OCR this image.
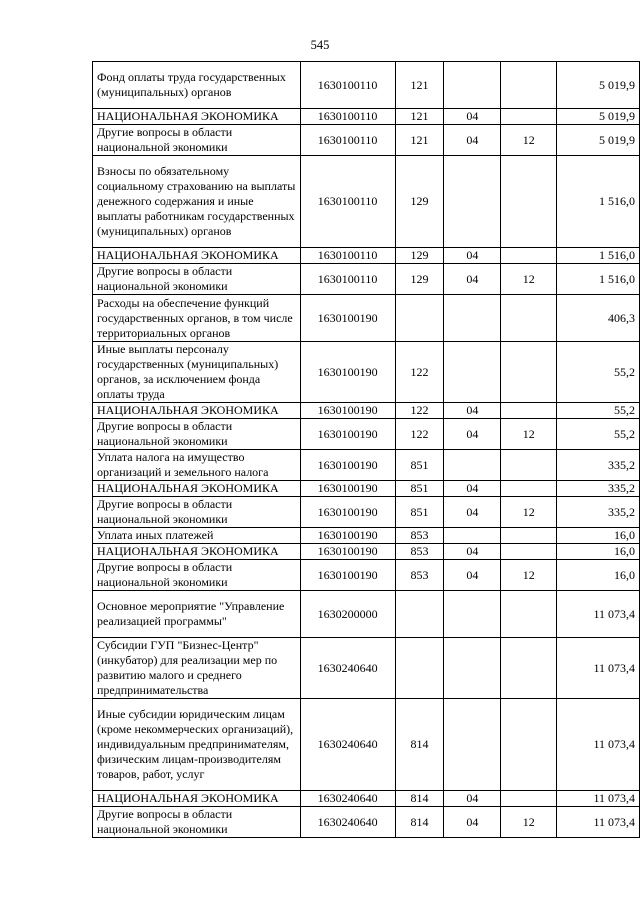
545
Фонд оплаты труда государственных (муниципальных) органов	1630100110	121			5 019,9
НАЦИОНАЛЬНАЯ ЭКОНОМИКА	1630100110	121	04		5 019,9
Другие вопросы в области национальной экономики	1630100110	121	04	12	5 019,9
Взносы по обязательному социальному страхованию на выплаты денежного содержания и иные выплаты работникам государственных (муниципальных) органов	1630100110	129			1 516,0
НАЦИОНАЛЬНАЯ ЭКОНОМИКА	1630100110	129	04		1 516,0
Другие вопросы в области национальной экономики	1630100110	129	04	12	1 516,0
Расходы на обеспечение функций государственных органов, в том числе территориальных органов	1630100190				406,3
Иные выплаты персоналу государственных (муниципальных) органов, за исключением фонда оплаты труда	1630100190	122			55,2
НАЦИОНАЛЬНАЯ ЭКОНОМИКА	1630100190	122	04		55,2
Другие вопросы в области национальной экономики	1630100190	122	04	12	55,2
Уплата налога на имущество организаций и земельного налога	1630100190	851			335,2
НАЦИОНАЛЬНАЯ ЭКОНОМИКА	1630100190	851	04		335,2
Другие вопросы в области национальной экономики	1630100190	851	04	12	335,2
Уплата иных платежей	1630100190	853			16,0
НАЦИОНАЛЬНАЯ ЭКОНОМИКА	1630100190	853	04		16,0
Другие вопросы в области национальной экономики	1630100190	853	04	12	16,0
Основное мероприятие "Управление реализацией программы"	1630200000				11 073,4
Субсидии ГУП "Бизнес-Центр" (инкубатор) для реализации мер по развитию малого и среднего предпринимательства	1630240640				11 073,4
Иные субсидии юридическим лицам (кроме некоммерческих организаций), индивидуальным предпринимателям, физическим лицам-производителям товаров, работ, услуг	1630240640	814			11 073,4
НАЦИОНАЛЬНАЯ ЭКОНОМИКА	1630240640	814	04		11 073,4
Другие вопросы в области национальной экономики	1630240640	814	04	12	11 073,4
